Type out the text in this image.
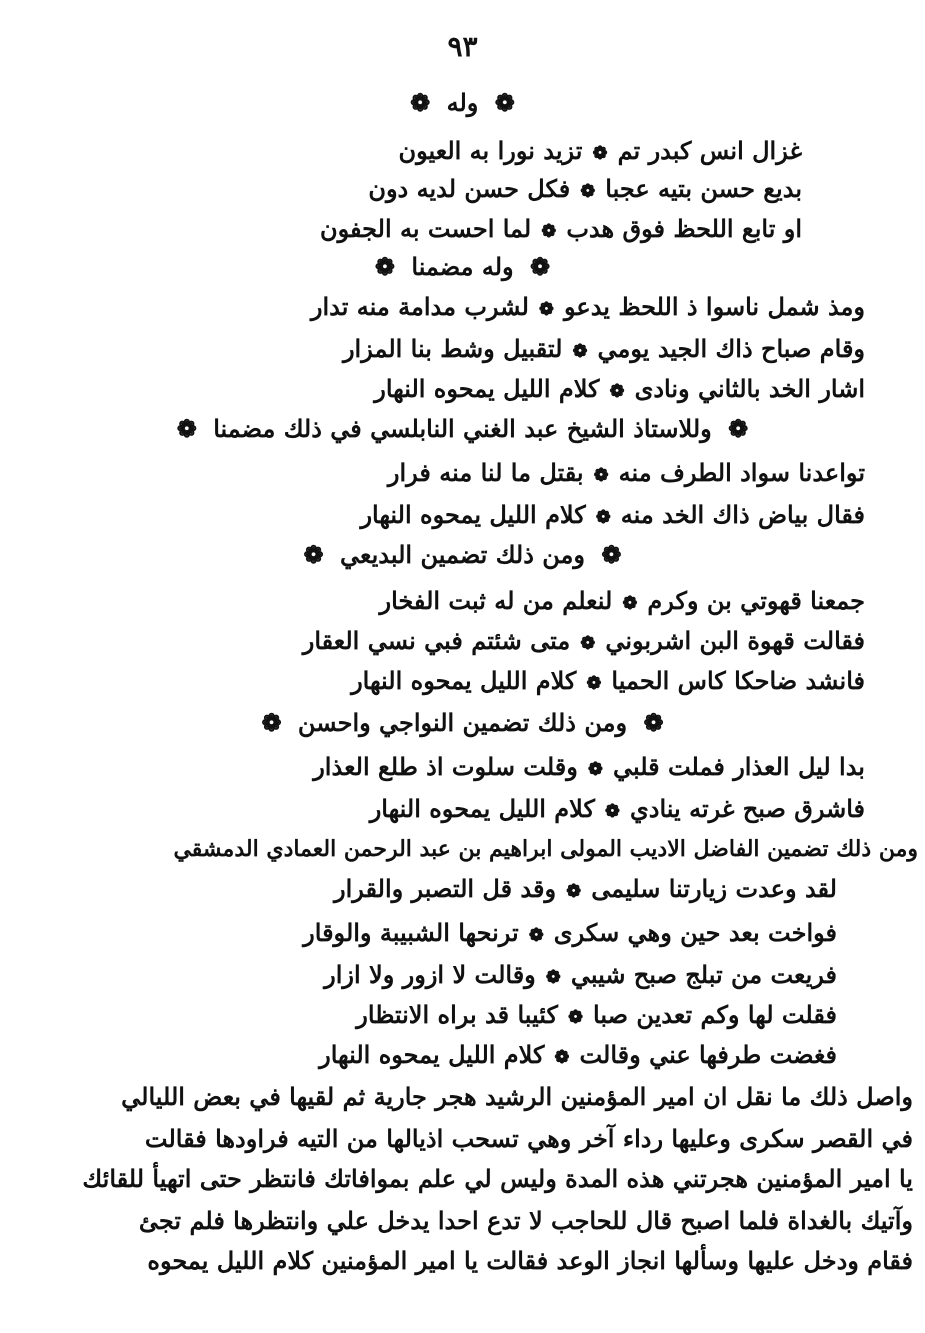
٩٣
❁ وله ❁
غزال انس كبدر تم❁تزيد نورا به العيون
بديع حسن بتيه عجبا❁فكل حسن لديه دون
او تابع اللحظ فوق هدب❁لما احست به الجفون
❁ وله مضمنا ❁
ومذ شمل ناسوا ذ اللحظ يدعو❁لشرب مدامة منه تدار
وقام صباح ذاك الجيد يومي❁لتقبيل وشط بنا المزار
اشار الخد بالثاني ونادى❁كلام الليل يمحوه النهار
❁ وللاستاذ الشيخ عبد الغني النابلسي في ذلك مضمنا ❁
تواعدنا سواد الطرف منه❁بقتل ما لنا منه فرار
فقال بياض ذاك الخد منه❁كلام الليل يمحوه النهار
❁ ومن ذلك تضمين البديعي ❁
جمعنا قهوتي بن وكرم❁لنعلم من له ثبت الفخار
فقالت قهوة البن اشربوني❁متى شئتم فبي نسي العقار
فانشد ضاحكا كاس الحميا❁كلام الليل يمحوه النهار
❁ ومن ذلك تضمين النواجي واحسن ❁
بدا ليل العذار فملت قلبي❁وقلت سلوت اذ طلع العذار
فاشرق صبح غرته ينادي❁كلام الليل يمحوه النهار
ومن ذلك تضمين الفاضل الاديب المولى ابراهيم بن عبد الرحمن العمادي الدمشقي
لقد وعدت زيارتنا سليمى❁وقد قل التصبر والقرار
فواخت بعد حين وهي سكرى❁ترنحها الشبيبة والوقار
فريعت من تبلج صبح شيبي❁وقالت لا ازور ولا ازار
فقلت لها وكم تعدين صبا❁كئيبا قد براه الانتظار
فغضت طرفها عني وقالت❁كلام الليل يمحوه النهار
واصل ذلك ما نقل ان امير المؤمنين الرشيد هجر جارية ثم لقيها في بعض الليالي
في القصر سكرى وعليها رداء آخر وهي تسحب اذيالها من التيه فراودها فقالت
يا امير المؤمنين هجرتني هذه المدة وليس لي علم بموافاتك فانتظر حتى اتهيأ للقائك
وآتيك بالغداة فلما اصبح قال للحاجب لا تدع احدا يدخل علي وانتظرها فلم تجئ
فقام ودخل عليها وسألها انجاز الوعد فقالت يا امير المؤمنين كلام الليل يمحوه
